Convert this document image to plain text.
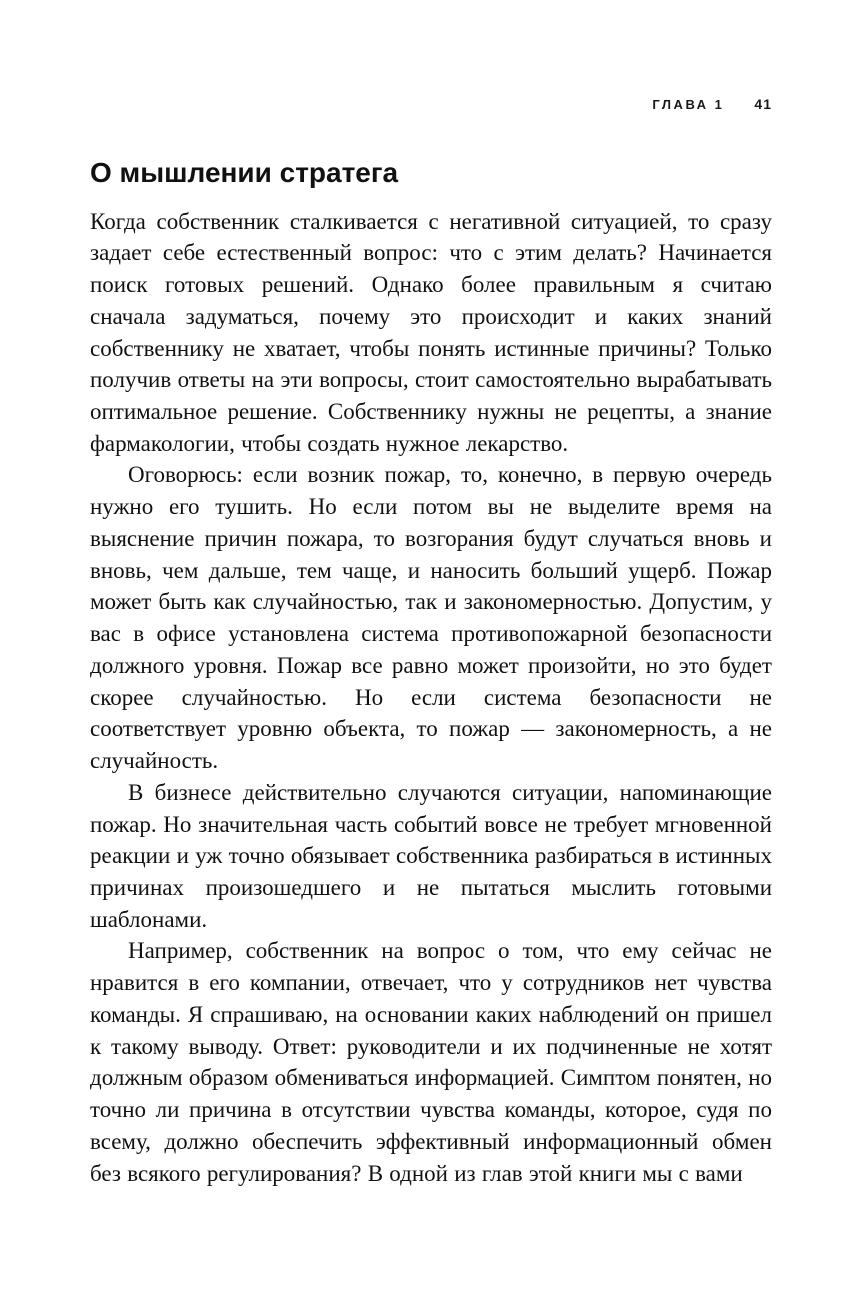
ГЛАВА 1 41
О мышлении стратега

Когда собственник сталкивается с негативной ситуацией, то сразу задает себе естественный вопрос: что с этим делать? Начинается поиск готовых решений. Однако более правильным я считаю сначала задуматься, почему это происходит и каких знаний собственнику не хватает, чтобы понять истинные причины? Только получив ответы на эти вопросы, стоит самостоятельно вырабатывать оптимальное решение. Собственнику нужны не рецепты, а знание фармакологии, чтобы создать нужное лекарство.

Оговорюсь: если возник пожар, то, конечно, в первую очередь нужно его тушить. Но если потом вы не выделите время на выяснение причин пожара, то возгорания будут случаться вновь и вновь, чем дальше, тем чаще, и наносить больший ущерб. Пожар может быть как случайностью, так и закономерностью. Допустим, у вас в офисе установлена система противопожарной безопасности должного уровня. Пожар все равно может произойти, но это будет скорее случайностью. Но если система безопасности не соответствует уровню объекта, то пожар — закономерность, а не случайность.

В бизнесе действительно случаются ситуации, напоминающие пожар. Но значительная часть событий вовсе не требует мгновенной реакции и уж точно обязывает собственника разбираться в истинных причинах произошедшего и не пытаться мыслить готовыми шаблонами.

Например, собственник на вопрос о том, что ему сейчас не нравится в его компании, отвечает, что у сотрудников нет чувства команды. Я спрашиваю, на основании каких наблюдений он пришел к такому выводу. Ответ: руководители и их подчиненные не хотят должным образом обмениваться информацией. Симптом понятен, но точно ли причина в отсутствии чувства команды, которое, судя по всему, должно обеспечить эффективный информационный обмен без всякого регулирования? В одной из глав этой книги мы с вами
